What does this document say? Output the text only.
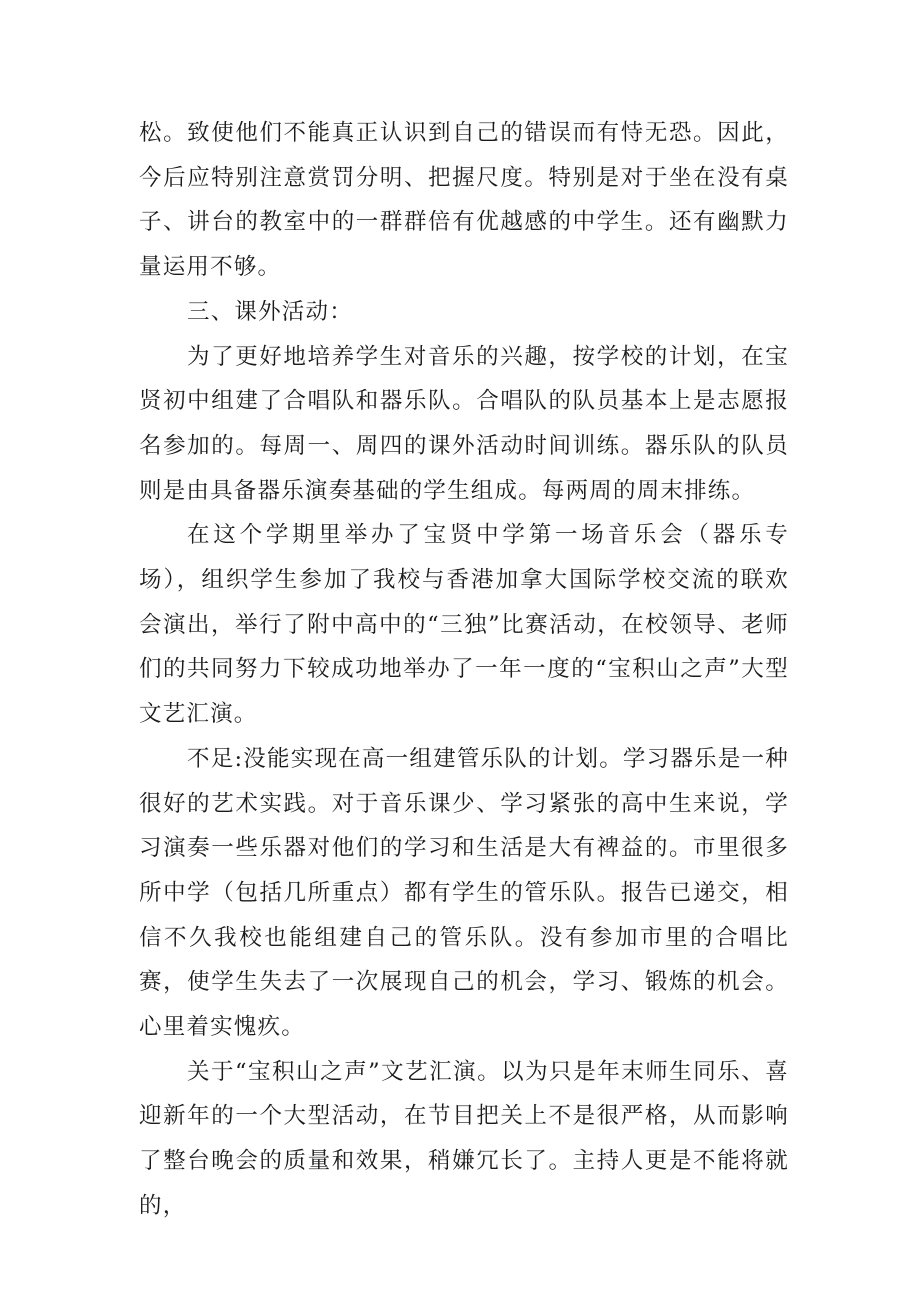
松。致使他们不能真正认识到自己的错误而有恃无恐。因此，今后应特别注意赏罚分明、把握尺度。特别是对于坐在没有桌子、讲台的教室中的一群群倍有优越感的中学生。还有幽默力量运用不够。

三、课外活动：

为了更好地培养学生对音乐的兴趣，按学校的计划，在宝贤初中组建了合唱队和器乐队。合唱队的队员基本上是志愿报名参加的。每周一、周四的课外活动时间训练。器乐队的队员则是由具备器乐演奏基础的学生组成。每两周的周末排练。

在这个学期里举办了宝贤中学第一场音乐会（器乐专场），组织学生参加了我校与香港加拿大国际学校交流的联欢会演出，举行了附中高中的“三独”比赛活动，在校领导、老师们的共同努力下较成功地举办了一年一度的“宝积山之声”大型文艺汇演。

不足:没能实现在高一组建管乐队的计划。学习器乐是一种很好的艺术实践。对于音乐课少、学习紧张的高中生来说，学习演奏一些乐器对他们的学习和生活是大有裨益的。市里很多所中学（包括几所重点）都有学生的管乐队。报告已递交，相信不久我校也能组建自己的管乐队。没有参加市里的合唱比赛，使学生失去了一次展现自己的机会，学习、锻炼的机会。心里着实愧疚。

关于“宝积山之声”文艺汇演。以为只是年末师生同乐、喜迎新年的一个大型活动，在节目把关上不是很严格，从而影响了整台晚会的质量和效果，稍嫌冗长了。主持人更是不能将就的，
